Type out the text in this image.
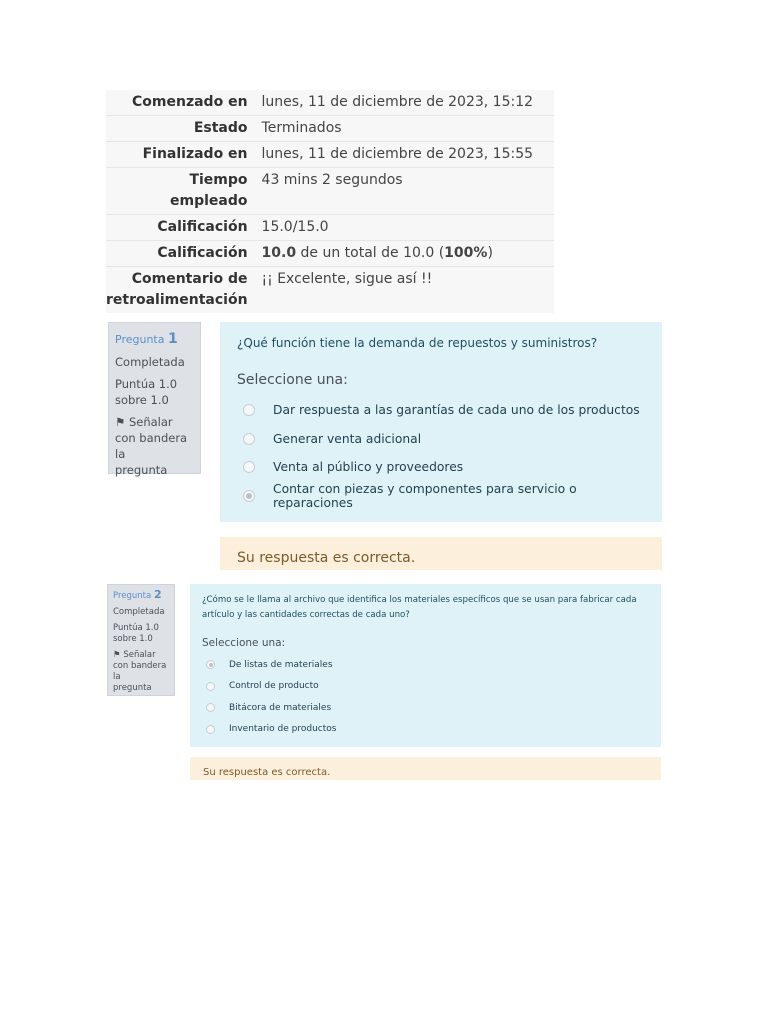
Comenzado en	lunes, 11 de diciembre de 2023, 15:12
Estado	Terminados
Finalizado en	lunes, 11 de diciembre de 2023, 15:55
Tiempo
empleado	43 mins 2 segundos
Calificación	15.0/15.0
Calificación	10.0 de un total de 10.0 (100%)
Comentario de
retroalimentación	¡¡ Excelente, sigue así !!
Pregunta 1
Completada
Puntúa 1.0
sobre 1.0
⚑ Señalar
con bandera la
pregunta
¿Qué función tiene la demanda de repuestos y suministros?
Seleccione una:
Dar respuesta a las garantías de cada uno de los productos
Generar venta adicional
Venta al público y proveedores
Contar con piezas y componentes para servicio o reparaciones
Su respuesta es correcta.
Pregunta 2
Completada
Puntúa 1.0
sobre 1.0
⚑ Señalar
con bandera la
pregunta
¿Cómo se le llama al archivo que identifica los materiales específicos que se usan para fabricar cada artículo y las cantidades correctas de cada uno?
Seleccione una:
De listas de materiales
Control de producto
Bitácora de materiales
Inventario de productos
Su respuesta es correcta.
